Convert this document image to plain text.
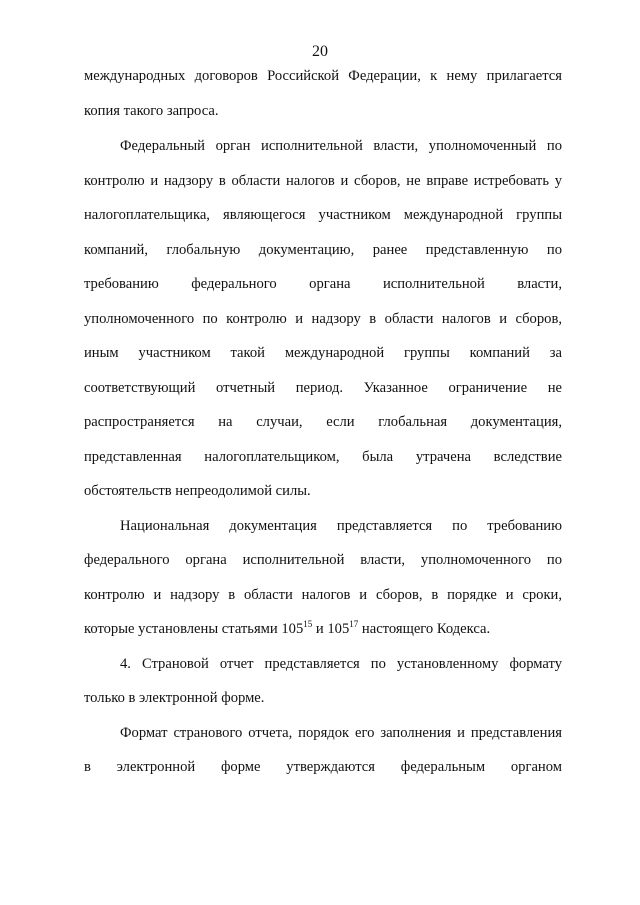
20
международных договоров Российской Федерации, к нему прилагается
копия такого запроса.
Федеральный орган исполнительной власти, уполномоченный по
контролю и надзору в области налогов и сборов, не вправе истребовать у
налогоплательщика, являющегося участником международной группы
компаний, глобальную документацию, ранее представленную по
требованию федерального органа исполнительной власти,
уполномоченного по контролю и надзору в области налогов и сборов,
иным участником такой международной группы компаний за
соответствующий отчетный период. Указанное ограничение не
распространяется на случаи, если глобальная документация,
представленная налогоплательщиком, была утрачена вследствие
обстоятельств непреодолимой силы.
Национальная документация представляется по требованию
федерального органа исполнительной власти, уполномоченного по
контролю и надзору в области налогов и сборов, в порядке и сроки,
которые установлены статьями $105^{15}$ и $105^{17}$ настоящего Кодекса.
4. Страновой отчет представляется по установленному формату
только в электронной форме.
Формат странового отчета, порядок его заполнения и представления
в электронной форме утверждаются федеральным органом
